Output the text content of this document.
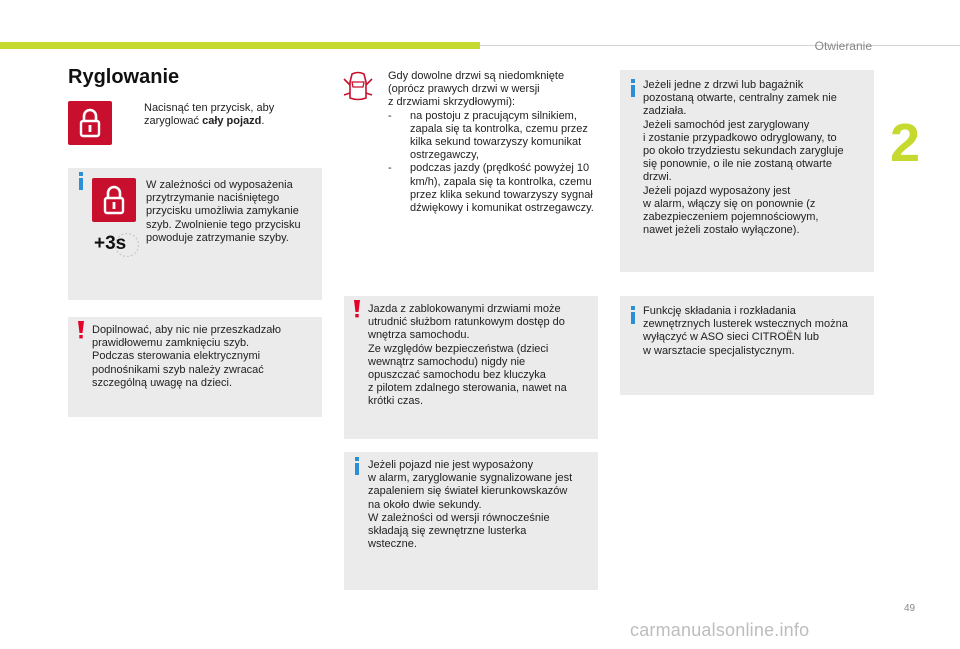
Otwieranie
2
Ryglowanie
Nacisnąć ten przycisk, aby zaryglować cały pojazd.
+3s
W zależności od wyposażenia przytrzymanie naciśniętego przycisku umożliwia zamykanie szyb. Zwolnienie tego przycisku powoduje zatrzymanie szyby.
Dopilnować, aby nic nie przeszkadzało
prawidłowemu zamknięciu szyb.
Podczas sterowania elektrycznymi
podnośnikami szyb należy zwracać
szczególną uwagę na dzieci.
Gdy dowolne drzwi są niedomknięte
(oprócz prawych drzwi w wersji
z drzwiami skrzydłowymi):
- na postoju z pracującym silnikiem, zapala się ta kontrolka, czemu przez kilka sekund towarzyszy komunikat ostrzegawczy,
- podczas jazdy (prędkość powyżej 10 km/h), zapala się ta kontrolka, czemu przez klika sekund towarzyszy sygnał dźwiękowy i komunikat ostrzegawczy.
Jazda z zablokowanymi drzwiami może
utrudnić służbom ratunkowym dostęp do
wnętrza samochodu.
Ze względów bezpieczeństwa (dzieci
wewnątrz samochodu) nigdy nie
opuszczać samochodu bez kluczyka
z pilotem zdalnego sterowania, nawet na
krótki czas.
Jeżeli pojazd nie jest wyposażony
w alarm, zaryglowanie sygnalizowane jest
zapaleniem się świateł kierunkowskazów
na około dwie sekundy.
W zależności od wersji równocześnie
składają się zewnętrzne lusterka
wsteczne.
Jeżeli jedne z drzwi lub bagażnik
pozostaną otwarte, centralny zamek nie
zadziała.
Jeżeli samochód jest zaryglowany
i zostanie przypadkowo odryglowany, to
po około trzydziestu sekundach zarygluje
się ponownie, o ile nie zostaną otwarte
drzwi.
Jeżeli pojazd wyposażony jest
w alarm, włączy się on ponownie (z
zabezpieczeniem pojemnościowym,
nawet jeżeli zostało wyłączone).
Funkcję składania i rozkładania
zewnętrznych lusterek wstecznych można
wyłączyć w ASO sieci CITROËN lub
w warsztacie specjalistycznym.
49
carmanualsonline.info
